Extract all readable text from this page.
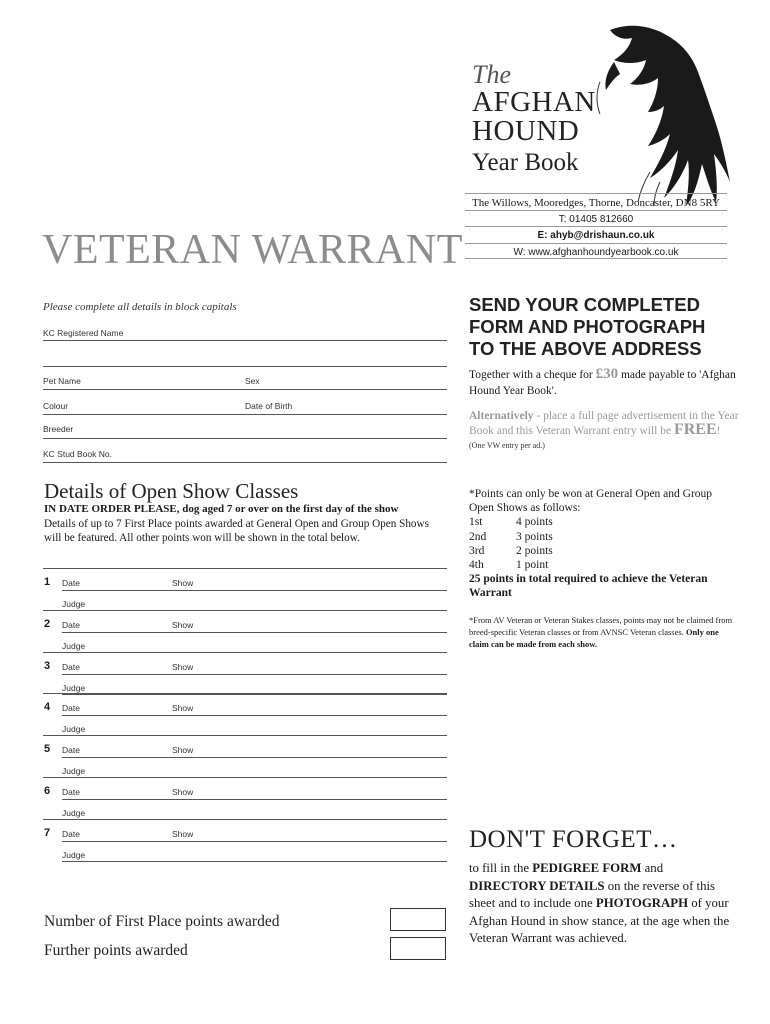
The
AFGHAN
HOUND
Year Book
The Willows, Mooredges, Thorne, Doncaster, DN8 5RY
T: 01405 812660
E: ahyb@drishaun.co.uk
W: www.afghanhoundyearbook.co.uk
VETERAN WARRANT
Please complete all details in block capitals
KC Registered Name
Pet Name	Sex
Colour	Date of Birth
Breeder
KC Stud Book No.
Details of Open Show Classes
IN DATE ORDER PLEASE, dog aged 7 or over on the first day of the show
Details of up to 7 First Place points awarded at General Open and Group Open Shows will be featured. All other points won will be shown in the total below.
1 Date	Show
Judge
2 Date	Show
Judge
3 Date	Show
Judge
4 Date	Show
Judge
5 Date	Show
Judge
6 Date	Show
Judge
7 Date	Show
Judge
Number of First Place points awarded
Further points awarded
SEND YOUR COMPLETED
FORM AND PHOTOGRAPH
TO THE ABOVE ADDRESS
Together with a cheque for £30 made payable to 'Afghan Hound Year Book'.
Alternatively - place a full page advertisement in the Year Book and this Veteran Warrant entry will be FREE! (One VW entry per ad.)
*Points can only be won at General Open and Group Open Shows as follows:
1st	4 points
2nd	3 points
3rd	2 points
4th	1 point
25 points in total required to achieve the Veteran Warrant
*From AV Veteran or Veteran Stakes classes, points may not be claimed from breed-specific Veteran classes or from AVNSC Veteran classes. Only one claim can be made from each show.
DON'T FORGET…
to fill in the PEDIGREE FORM and DIRECTORY DETAILS on the reverse of this sheet and to include one PHOTOGRAPH of your Afghan Hound in show stance, at the age when the Veteran Warrant was achieved.
